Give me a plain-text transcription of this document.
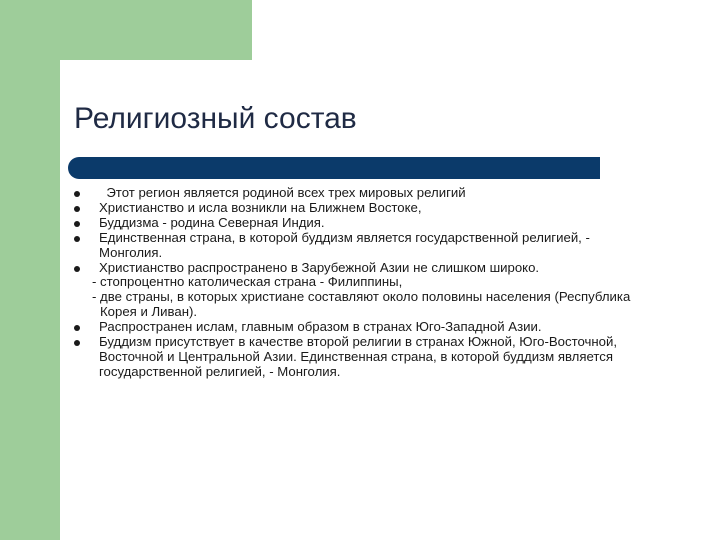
Религиозный состав
Этот регион является родиной всех трех мировых религий
Христианство и исла возникли на Ближнем Востоке,
Буддизма - родина Северная Индия.
Единственная страна, в которой буддизм является государственной религией, - Монголия.
Христианство распространено в Зарубежной Азии не слишком широко.
- стопроцентно католическая страна - Филиппины,
- две страны, в которых христиане составляют около половины населения (Республика Корея и Ливан).
Распространен ислам, главным образом в странах Юго-Западной Азии.
Буддизм присутствует в качестве второй религии в странах Южной, Юго-Восточной, Восточной и Центральной Азии. Единственная страна, в которой буддизм является государственной религией, - Монголия.
